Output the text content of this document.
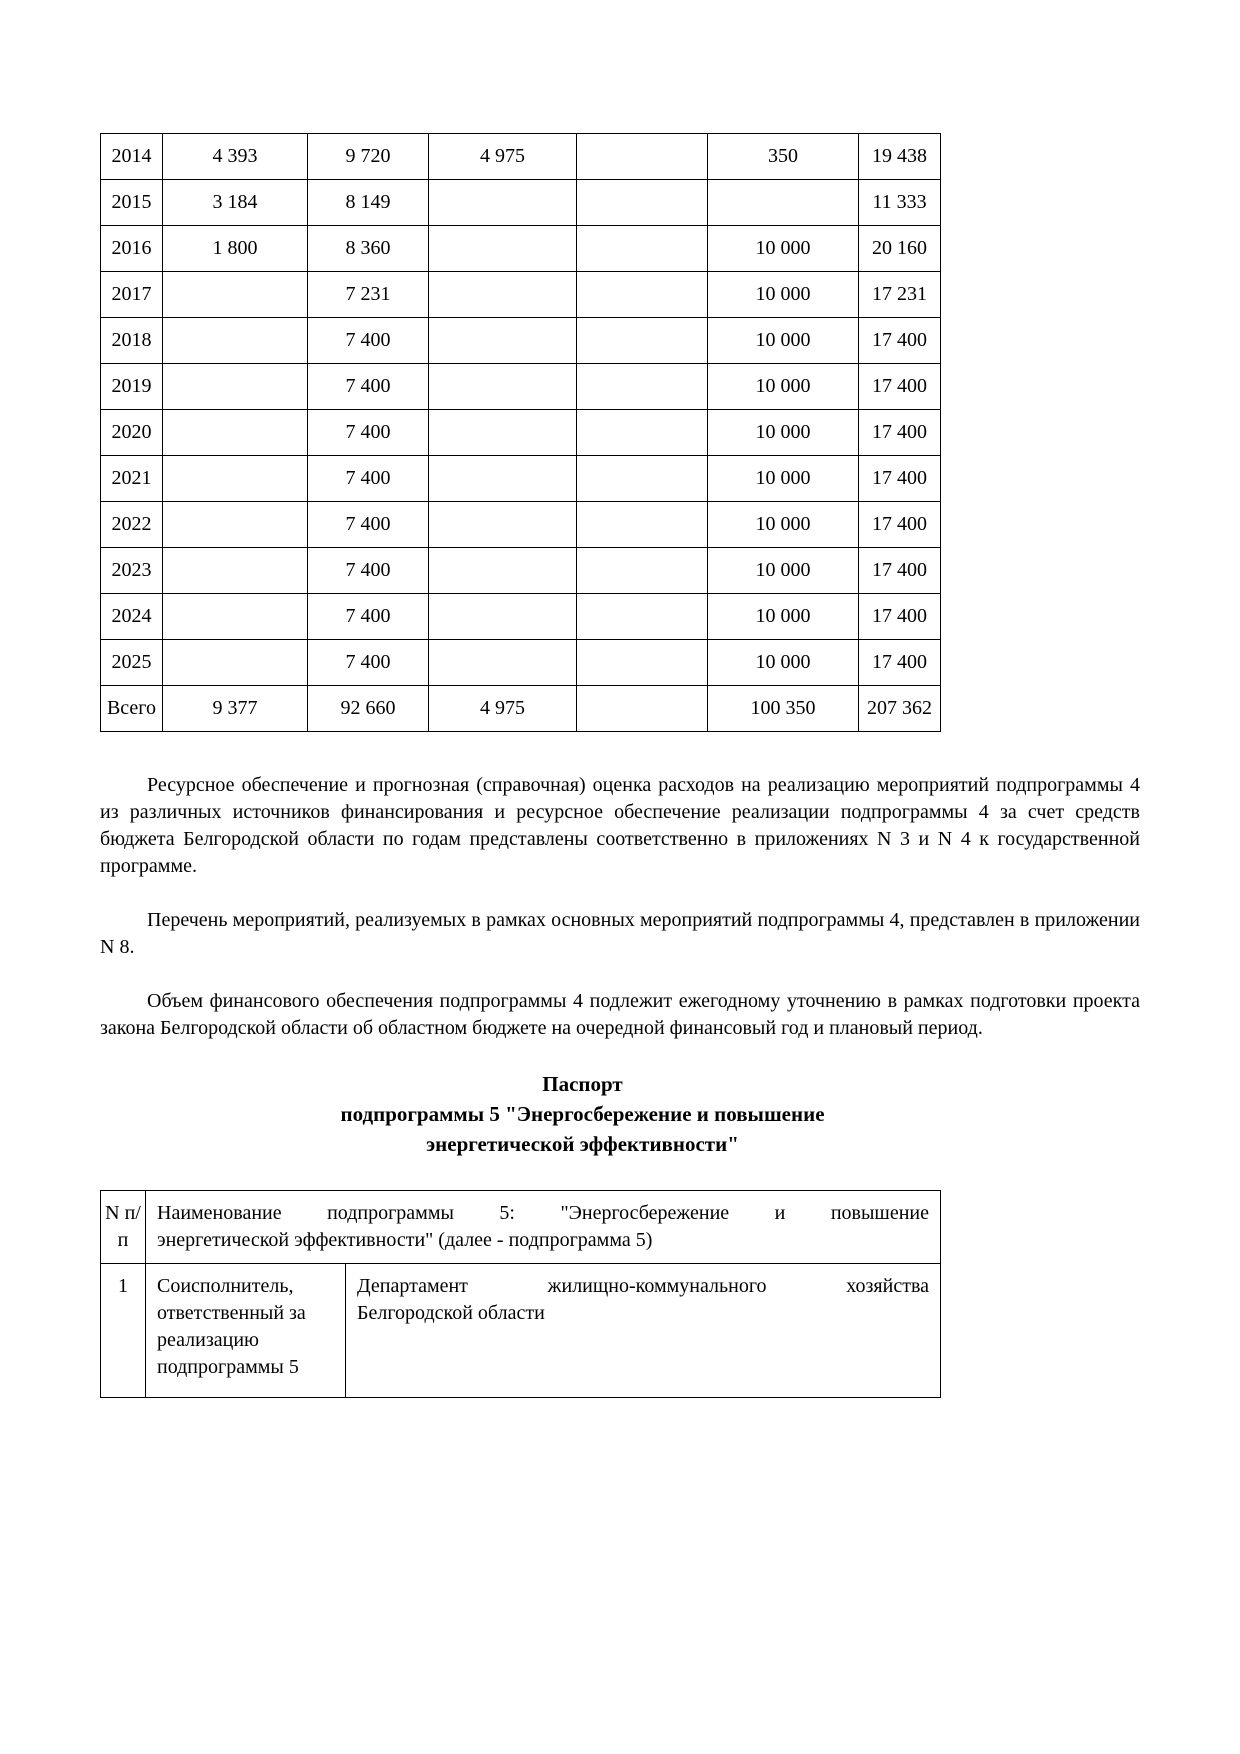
2014	4 393	9 720	4 975		350	19 438
2015	3 184	8 149				11 333
2016	1 800	8 360			10 000	20 160
2017		7 231			10 000	17 231
2018		7 400			10 000	17 400
2019		7 400			10 000	17 400
2020		7 400			10 000	17 400
2021		7 400			10 000	17 400
2022		7 400			10 000	17 400
2023		7 400			10 000	17 400
2024		7 400			10 000	17 400
2025		7 400			10 000	17 400
Всего	9 377	92 660	4 975		100 350	207 362

Ресурсное обеспечение и прогнозная (справочная) оценка расходов на реализацию мероприятий подпрограммы 4 из различных источников финансирования и ресурсное обеспечение реализации подпрограммы 4 за счет средств бюджета Белгородской области по годам представлены соответственно в приложениях N 3 и N 4 к государственной программе.

Перечень мероприятий, реализуемых в рамках основных мероприятий подпрограммы 4, представлен в приложении N 8.

Объем финансового обеспечения подпрограммы 4 подлежит ежегодному уточнению в рамках подготовки проекта закона Белгородской области об областном бюджете на очередной финансовый год и плановый период.

Паспорт
подпрограммы 5 "Энергосбережение и повышение
энергетической эффективности"
N п/п	Наименование подпрограммы 5: "Энергосбережение и повышение
энергетической эффективности" (далее - подпрограмма 5)	

1	Соисполнитель, ответственный за реализацию подпрограммы 5	Департамент жилищно-коммунального хозяйства
Белгородской области
